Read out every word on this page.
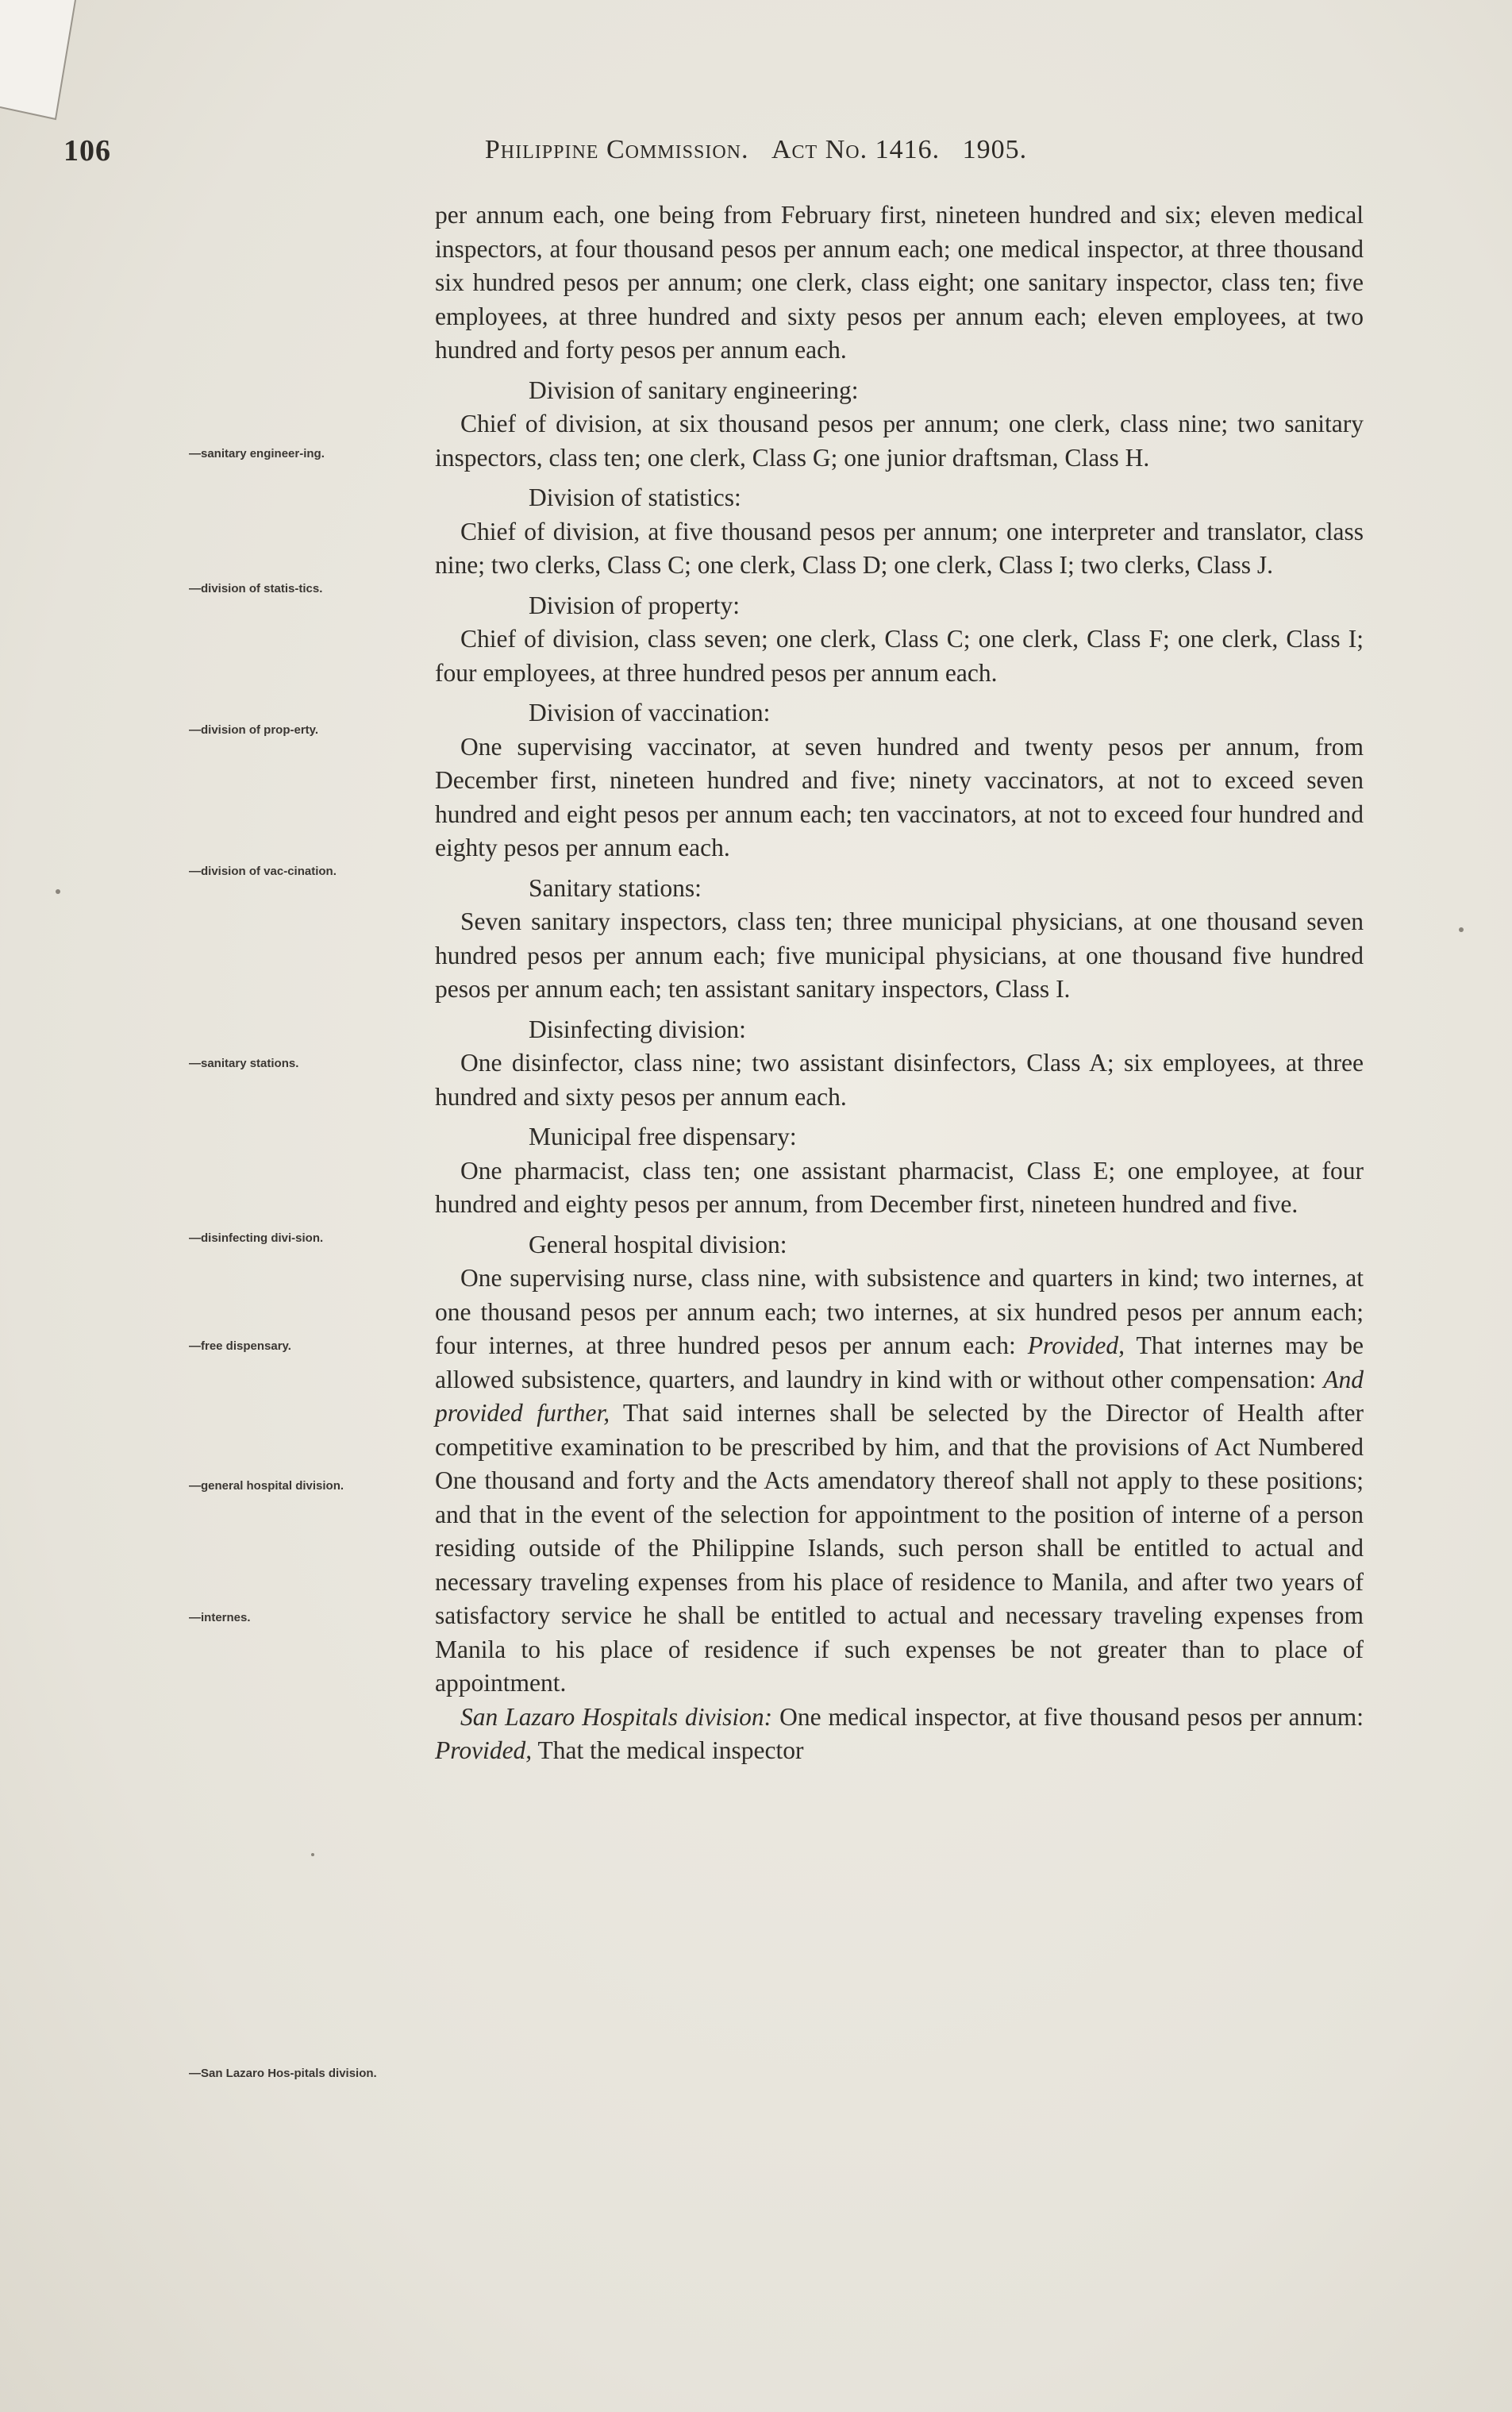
106	Philippine Commission. Act No. 1416. 1905.
—sanitary engineer-ing.
—division of statis-tics.
—division of prop-erty.
—division of vac-cination.
—sanitary stations.
—disinfecting divi-sion.
—free dispensary.
—general hospital division.
—internes.
—San Lazaro Hos-pitals division.

per annum each, one being from February first, nineteen hundred and six; eleven medical inspectors, at four thousand pesos per annum each; one medical inspector, at three thousand six hundred pesos per annum; one clerk, class eight; one sanitary inspector, class ten; five employees, at three hundred and sixty pesos per annum each; eleven employees, at two hundred and forty pesos per annum each.

Division of sanitary engineering:

Chief of division, at six thousand pesos per annum; one clerk, class nine; two sanitary inspectors, class ten; one clerk, Class G; one junior draftsman, Class H.

Division of statistics:

Chief of division, at five thousand pesos per annum; one interpreter and translator, class nine; two clerks, Class C; one clerk, Class D; one clerk, Class I; two clerks, Class J.

Division of property:

Chief of division, class seven; one clerk, Class C; one clerk, Class F; one clerk, Class I; four employees, at three hundred pesos per annum each.

Division of vaccination:

One supervising vaccinator, at seven hundred and twenty pesos per annum, from December first, nineteen hundred and five; ninety vaccinators, at not to exceed seven hundred and eight pesos per annum each; ten vaccinators, at not to exceed four hundred and eighty pesos per annum each.

Sanitary stations:

Seven sanitary inspectors, class ten; three municipal physicians, at one thousand seven hundred pesos per annum each; five municipal physicians, at one thousand five hundred pesos per annum each; ten assistant sanitary inspectors, Class I.

Disinfecting division:

One disinfector, class nine; two assistant disinfectors, Class A; six employees, at three hundred and sixty pesos per annum each.

Municipal free dispensary:

One pharmacist, class ten; one assistant pharmacist, Class E; one employee, at four hundred and eighty pesos per annum, from December first, nineteen hundred and five.

General hospital division:

One supervising nurse, class nine, with subsistence and quarters in kind; two internes, at one thousand pesos per annum each; two internes, at six hundred pesos per annum each; four internes, at three hundred pesos per annum each: Provided, That internes may be allowed subsistence, quarters, and laundry in kind with or without other compensation: And provided further, That said internes shall be selected by the Director of Health after competitive examination to be prescribed by him, and that the provisions of Act Numbered One thousand and forty and the Acts amendatory thereof shall not apply to these positions; and that in the event of the selection for appointment to the position of interne of a person residing outside of the Philippine Islands, such person shall be entitled to actual and necessary traveling expenses from his place of residence to Manila, and after two years of satisfactory service he shall be entitled to actual and necessary traveling expenses from Manila to his place of residence if such expenses be not greater than to place of appointment.

San Lazaro Hospitals division: One medical inspector, at five thousand pesos per annum: Provided, That the medical inspector
